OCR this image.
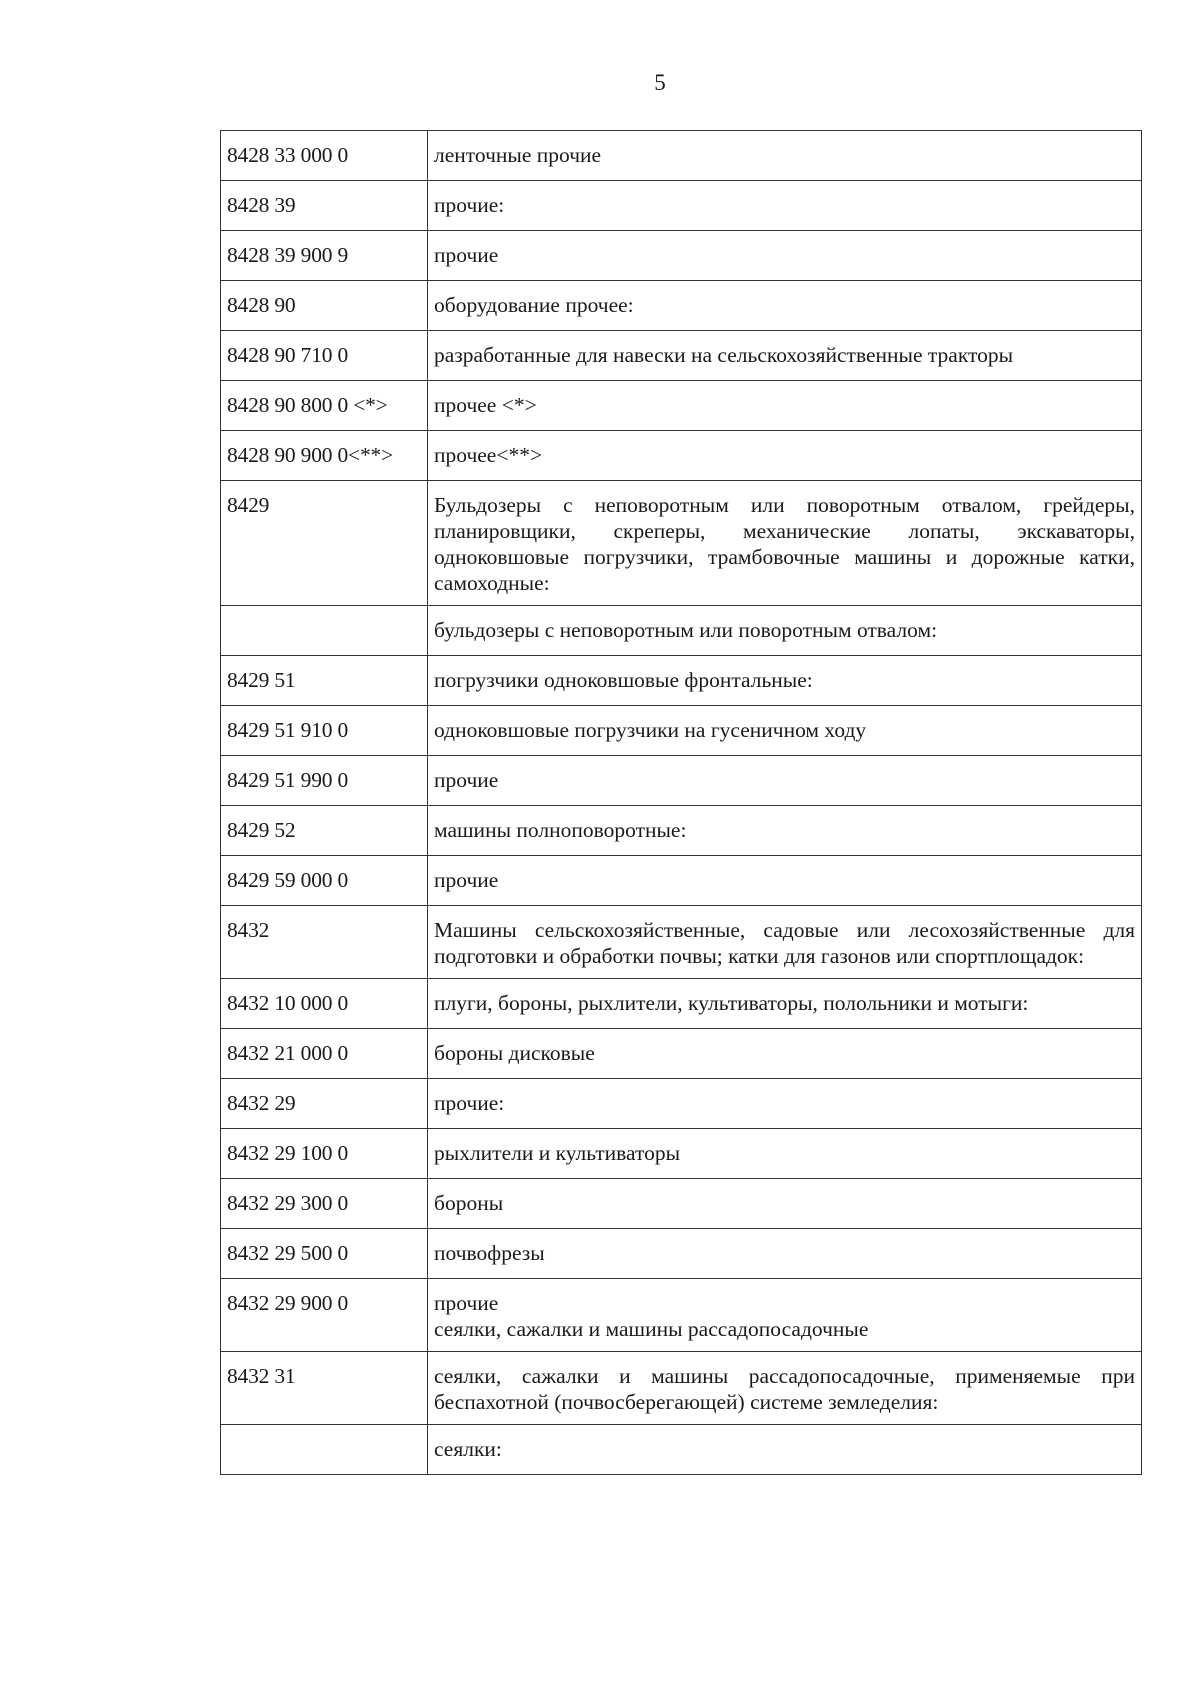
5
8428 33 000 0	ленточные прочие

8428 39	прочие:

8428 39 900 9	прочие

8428 90	оборудование прочее:

8428 90 710 0	разработанные для навески на сельскохозяйственные тракторы

8428 90 800 0 <*>	прочее <*>

8428 90 900 0<**>	прочее<**>

8429	Бульдозеры с неповоротным или поворотным отвалом, грейдеры, планировщики, скреперы, механические лопаты, экскаваторы, одноковшовые погрузчики, трамбовочные машины и дорожные катки, самоходные:

	бульдозеры с неповоротным или поворотным отвалом:

8429 51	погрузчики одноковшовые фронтальные:

8429 51 910 0	одноковшовые погрузчики на гусеничном ходу

8429 51 990 0	прочие

8429 52	машины полноповоротные:

8429 59 000 0	прочие

8432	Машины сельскохозяйственные, садовые или лесохозяйственные для подготовки и обработки почвы; катки для газонов или спортплощадок:

8432 10 000 0	плуги, бороны, рыхлители, культиваторы, полольники и мотыги:

8432 21 000 0	бороны дисковые

8432 29	прочие:

8432 29 100 0	рыхлители и культиваторы

8432 29 300 0	бороны

8432 29 500 0	почвофрезы

8432 29 900 0	прочие
сеялки, сажалки и машины рассадопосадочные

8432 31	сеялки, сажалки и машины рассадопосадочные, применяемые при беспахотной (почвосберегающей) системе земледелия:

	сеялки:
